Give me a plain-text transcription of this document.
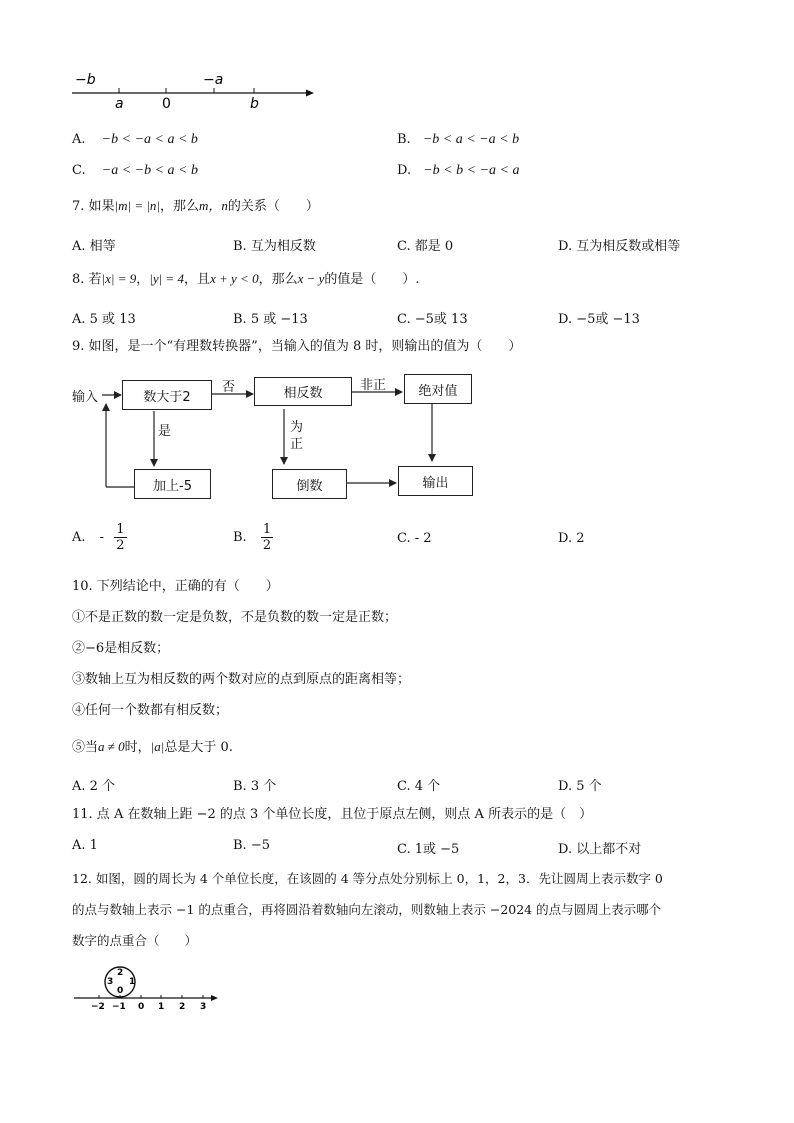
−b	−a
a	0	b
A. −b < −a < a < b	B. −b < a < −a < b
C. −a < −b < a < b	D. −b < b < −a < a
7. 如果|m| = |n|，那么m，n的关系（　　）
A. 相等	B. 互为相反数	C. 都是 0	D. 互为相反数或相等
8. 若|x| = 9，|y| = 4，且x + y < 0，那么x − y的值是（　　）.
A. 5 或 13	B. 5 或 −13	C. −5或 13	D. −5或 −13
9. 如图，是一个“有理数转换器”，当输入的值为 8 时，则输出的值为（　　）
输入	数大于2
否	相反数
非正 绝对值
是	为
正
加上-5	倒数	输出
A. - $\frac{1}{2}$	B. $\frac{1}{2}$	C. - 2	D. 2
10. 下列结论中，正确的有（　　）
①不是正数的数一定是负数，不是负数的数一定是正数；
②−6是相反数；
③数轴上互为相反数的两个数对应的点到原点的距离相等；
④任何一个数都有相反数；
⑤当a ≠ 0时，|a|总是大于 0.
A. 2 个	B. 3 个	C. 4 个	D. 5 个
11. 点 A 在数轴上距 −2 的点 3 个单位长度，且位于原点左侧，则点 A 所表示的是（　）
A. 1	B. −5	C. 1或 −5	D. 以上都不对
12. 如图，圆的周长为 4 个单位长度，在该圆的 4 等分点处分别标上 0，1，2，3．先让圆周上表示数字 0
的点与数轴上表示 −1 的点重合，再将圆沿着数轴向左滚动，则数轴上表示 −2024 的点与圆周上表示哪个
数字的点重合（　　）
2
3 1
0
−2 −1 0 1 2 3
